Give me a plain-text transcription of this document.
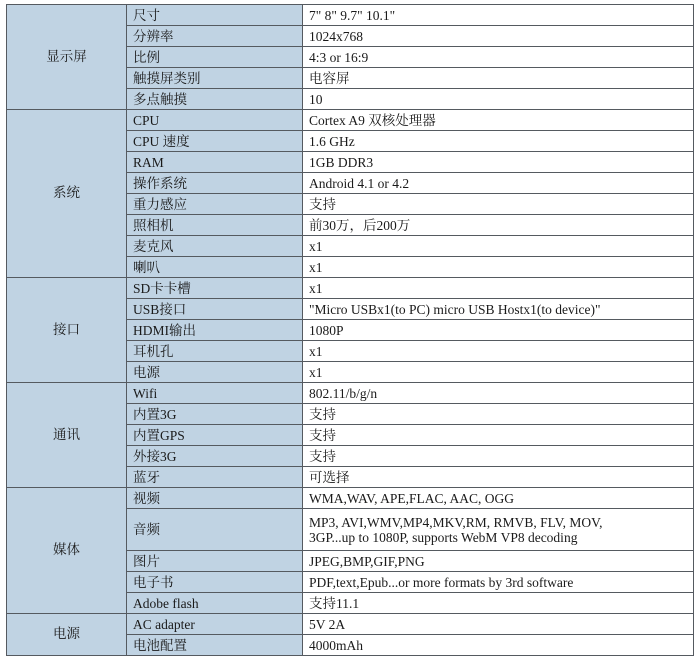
显示屏	尺寸	7" 8" 9.7" 10.1"
	分辨率	1024x768
	比例	4:3 or 16:9
	触摸屏类别	电容屏
	多点触摸	10
系统	CPU	Cortex A9 双核处理器
	CPU 速度	1.6 GHz
	RAM	1GB DDR3
	操作系统	Android 4.1 or 4.2
	重力感应	支持
	照相机	前30万，后200万
	麦克风	x1
	喇叭	x1
接口	SD卡卡槽	x1
	USB接口	"Micro USBx1(to PC) micro USB Hostx1(to device)"
	HDMI输出	1080P
	耳机孔	x1
	电源	x1
通讯	Wifi	802.11/b/g/n
	内置3G	支持
	内置GPS	支持
	外接3G	支持
	蓝牙	可选择
媒体	视频	WMA,WAV, APE,FLAC, AAC, OGG
	音频	MP3, AVI,WMV,MP4,MKV,RM, RMVB, FLV, MOV,
3GP...up to 1080P, supports WebM VP8 decoding

	图片	JPEG,BMP,GIF,PNG
	电子书	PDF,text,Epub...or more formats by 3rd software
	Adobe flash	支持11.1
电源	AC adapter	5V 2A
	电池配置	4000mAh
